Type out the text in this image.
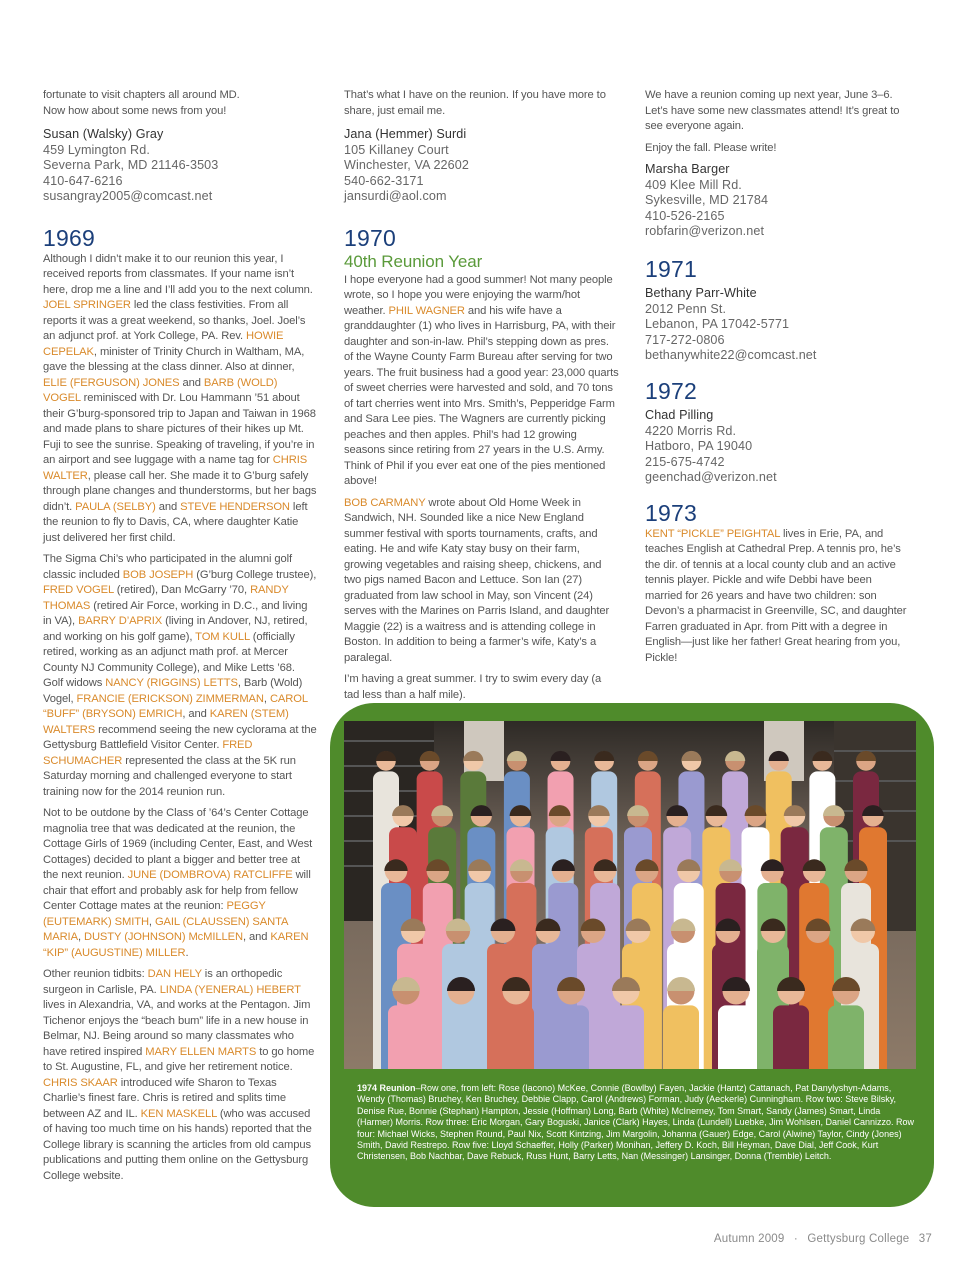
fortunate to visit chapters all around MD.
Now how about some news from you!

Susan (Walsky) Gray
459 Lymington Rd.
Severna Park, MD 21146-3503
410-647-6216
susangray2005@comcast.net
1969

Although I didn’t make it to our reunion this year, I received reports from classmates. If your name isn’t here, drop me a line and I’ll add you to the next column. JOEL SPRINGER led the class festivities. From all reports it was a great weekend, so thanks, Joel. Joel’s an adjunct prof. at York College, PA. Rev. HOWIE CEPELAK, minister of Trinity Church in Waltham, MA, gave the blessing at the class dinner. Also at dinner, ELIE (FERGUSON) JONES and BARB (WOLD) VOGEL reminisced with Dr. Lou Hammann ’51 about their G’burg-sponsored trip to Japan and Taiwan in 1968 and made plans to share pictures of their hikes up Mt. Fuji to see the sunrise. Speaking of traveling, if you’re in an airport and see luggage with a name tag for CHRIS WALTER, please call her. She made it to G’burg safely through plane changes and thunderstorms, but her bags didn’t. PAULA (SELBY) and STEVE HENDERSON left the reunion to fly to Davis, CA, where daughter Katie just delivered her first child.

The Sigma Chi’s who participated in the alumni golf classic included BOB JOSEPH (G’burg College trustee), FRED VOGEL (retired), Dan McGarry ’70, RANDY THOMAS (retired Air Force, working in D.C., and living in VA), BARRY D’APRIX (living in Andover, NJ, retired, and working on his golf game), TOM KULL (officially retired, working as an adjunct math prof. at Mercer County NJ Community College), and Mike Letts ’68. Golf widows NANCY (RIGGINS) LETTS, Barb (Wold) Vogel, FRANCIE (ERICKSON) ZIMMERMAN, CAROL “BUFF” (BRYSON) EMRICH, and KAREN (STEM) WALTERS recommend seeing the new cyclorama at the Gettysburg Battlefield Visitor Center. FRED SCHUMACHER represented the class at the 5K run Saturday morning and challenged everyone to start training now for the 2014 reunion run.

Not to be outdone by the Class of ’64’s Center Cottage magnolia tree that was dedicated at the reunion, the Cottage Girls of 1969 (including Center, East, and West Cottages) decided to plant a bigger and better tree at the next reunion. JUNE (DOMBROVA) RATCLIFFE will chair that effort and probably ask for help from fellow Center Cottage mates at the reunion: PEGGY (EUTEMARK) SMITH, GAIL (CLAUSSEN) SANTA MARIA, DUSTY (JOHNSON) McMILLEN, and KAREN “KIP” (AUGUSTINE) MILLER.

Other reunion tidbits: DAN HELY is an orthopedic surgeon in Carlisle, PA. LINDA (YENERAL) HEBERT lives in Alexandria, VA, and works at the Pentagon. Jim Tichenor enjoys the “beach bum” life in a new house in Belmar, NJ. Being around so many classmates who have retired inspired MARY ELLEN MARTS to go home to St. Augustine, FL, and give her retirement notice. CHRIS SKAAR introduced wife Sharon to Texas Charlie’s finest fare. Chris is retired and splits time between AZ and IL. KEN MASKELL (who was accused of having too much time on his hands) reported that the College library is scanning the articles from old campus publications and putting them online on the Gettysburg College website.

That’s what I have on the reunion. If you have more to share, just email me.

Jana (Hemmer) Surdi
105 Killaney Court
Winchester, VA 22602
540-662-3171
jansurdi@aol.com
1970
40th Reunion Year

I hope everyone had a good summer! Not many people wrote, so I hope you were enjoying the warm/hot weather. PHIL WAGNER and his wife have a granddaughter (1) who lives in Harrisburg, PA, with their daughter and son-in-law. Phil’s stepping down as pres. of the Wayne County Farm Bureau after serving for two years. The fruit business had a good year: 23,000 quarts of sweet cherries were harvested and sold, and 70 tons of tart cherries went into Mrs. Smith’s, Pepperidge Farm and Sara Lee pies. The Wagners are currently picking peaches and then apples. Phil’s had 12 growing seasons since retiring from 27 years in the U.S. Army. Think of Phil if you ever eat one of the pies mentioned above!

BOB CARMANY wrote about Old Home Week in Sandwich, NH. Sounded like a nice New England summer festival with sports tournaments, crafts, and eating. He and wife Katy stay busy on their farm, growing vegetables and raising sheep, chickens, and two pigs named Bacon and Lettuce. Son Ian (27) graduated from law school in May, son Vincent (24) serves with the Marines on Parris Island, and daughter Maggie (22) is a waitress and is attending college in Boston. In addition to being a farmer’s wife, Katy’s a paralegal.

I’m having a great summer. I try to swim every day (a tad less than a half mile).

We have a reunion coming up next year, June 3–6. Let’s have some new classmates attend! It’s great to see everyone again.

Enjoy the fall. Please write!

Marsha Barger
409 Klee Mill Rd.
Sykesville, MD 21784
410-526-2165
robfarin@verizon.net
1971
Bethany Parr-White
2012 Penn St.
Lebanon, PA 17042-5771
717-272-0806
bethanywhite22@comcast.net
1972
Chad Pilling
4220 Morris Rd.
Hatboro, PA 19040
215-675-4742
geenchad@verizon.net
1973

KENT “PICKLE” PEIGHTAL lives in Erie, PA, and teaches English at Cathedral Prep. A tennis pro, he’s the dir. of tennis at a local county club and an active tennis player. Pickle and wife Debbi have been married for 26 years and have two children: son Devon’s a pharmacist in Greenville, SC, and daughter Farren graduated in Apr. from Pitt with a degree in English—just like her father! Great hearing from you, Pickle!

1974 Reunion–Row one, from left: Rose (Iacono) McKee, Connie (Bowlby) Fayen, Jackie (Hantz) Cattanach, Pat Danylyshyn-Adams, Wendy (Thomas) Bruchey, Ken Bruchey, Debbie Clapp, Carol (Andrews) Forman, Judy (Aeckerle) Cunningham. Row two: Steve Bilsky, Denise Rue, Bonnie (Stephan) Hampton, Jessie (Hoffman) Long, Barb (White) McInerney, Tom Smart, Sandy (James) Smart, Linda (Harmer) Morris. Row three: Eric Morgan, Gary Boguski, Janice (Clark) Hayes, Linda (Lundell) Luebke, Jim Wohlsen, Daniel Cannizzo. Row four: Michael Wicks, Stephen Round, Paul Nix, Scott Kintzing, Jim Margolin, Johanna (Gauer) Edge, Carol (Alwine) Taylor, Cindy (Jones) Smith, David Restrepo. Row five: Lloyd Schaeffer, Holly (Parker) Monihan, Jeffery D. Koch, Bill Heyman, Dave Dial, Jeff Cook, Kurt Christensen, Bob Nachbar, Dave Rebuck, Russ Hunt, Barry Letts, Nan (Messinger) Lansinger, Donna (Tremble) Leitch.
Autumn 2009 · Gettysburg College 37
